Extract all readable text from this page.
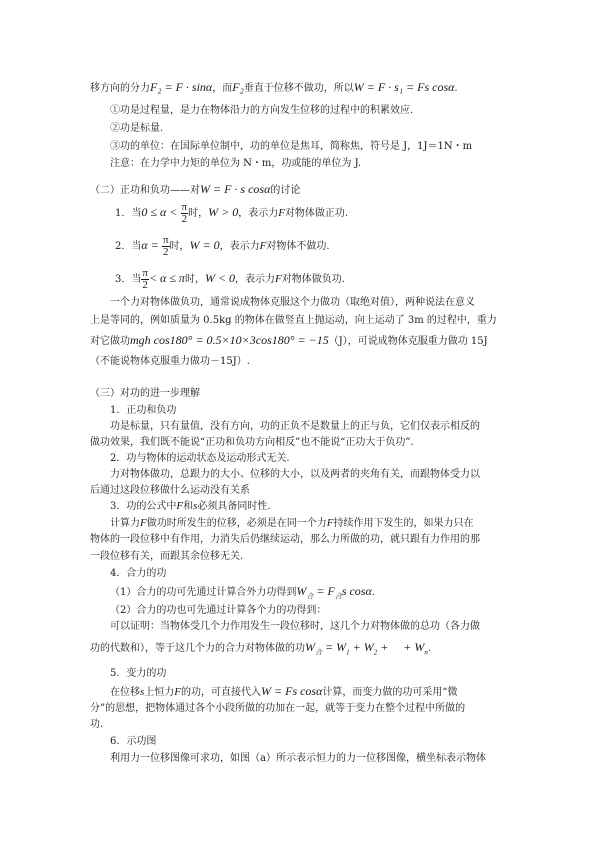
移方向的分力F₂ = F · sinα，而F₂垂直于位移不做功，所以W = F · s₁ = Fs cosα.
①功是过程量，是力在物体沿力的方向发生位移的过程中的积累效应.
②功是标量.
③功的单位：在国际单位制中，功的单位是焦耳，简称焦，符号是 J，1J＝1N・m
注意：在力学中力矩的单位为 N・m，功或能的单位为 J.
（二）正功和负功——对W = F · s cosα的讨论
1．当$0 \le \alpha < \frac{\pi}{2}$ 时，W > 0，表示力F对物体做正功.
2．当$\alpha = \frac{\pi}{2}$ 时，W = 0，表示力F对物体不做功.
3．当 $\frac{\pi}{2} < \alpha \le \pi$时，W < 0，表示力F对物体做负功.
一个力对物体做负功，通常说成物体克服这个力做功（取绝对值），两种说法在意义
上是等同的，例如质量为 0.5kg 的物体在做竖直上抛运动，向上运动了 3m 的过程中，重力
对它做功mgh cos180° = 0.5×10×3cos180° = −15（J），可说成物体克服重力做功 15J
（不能说物体克服重力做功－15J）.
（三）对功的进一步理解
1．正功和负功
功是标量，只有量值，没有方向，功的正负不是数量上的正与负，它们仅表示相反的
做功效果，我们既不能说“正功和负功方向相反”也不能说“正功大于负功”.
2．功与物体的运动状态及运动形式无关.
力对物体做功，总跟力的大小、位移的大小，以及两者的夹角有关，而跟物体受力以
后通过这段位移做什么运动没有关系
3．功的公式中F和s必须具备同时性.
计算力F做功时所发生的位移，必须是在同一个力F持续作用下发生的，如果力只在
物体的一段位移中有作用，力消失后仍继续运动，那么力所做的功，就只跟有力作用的那
一段位移有关，而跟其余位移无关.
4．合力的功
（1）合力的功可先通过计算合外力功得到$W_合 = F_合s$ cosα.
（2）合力的功也可先通过计算各个力的功得到：
可以证明：当物体受几个力作用发生一段位移时，这几个力对物体做的总功（各力做
功的代数和），等于这几个力的合力对物体做的功$W_合 = W_1 + W_2$ +     + $W_n$.
5．变力的功
在位移s上恒力F的功，可直接代入W = Fs cosα计算，而变力做的功可采用“微
分”的思想，把物体通过各个小段所做的功加在一起，就等于变力在整个过程中所做的
功.
6．示功图
利用力一位移图像可求功，如图（a）所示表示恒力的力一位移图像，横坐标表示物体
